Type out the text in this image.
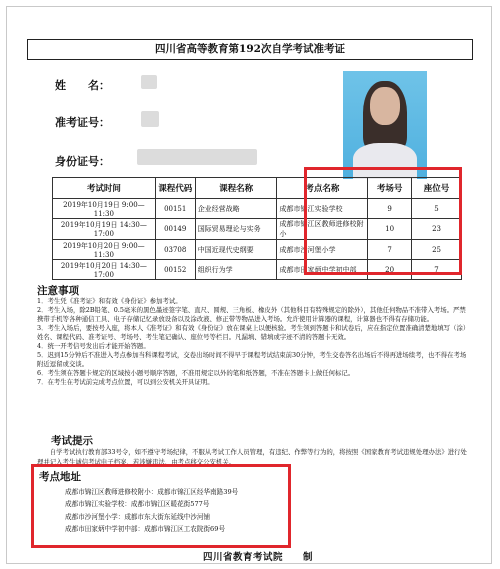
四川省高等教育第192次自学考试准考证
姓　　名：
准考证号：
身份证号：
考试时间	课程代码	课程名称	考点名称	考场号	座位号
2019年10月19日 9:00—11:30	00151	企业经营战略	成都市锦江实验学校	9	5
2019年10月19日 14:30—17:00	00149	国际贸易理论与实务	成都市锦江区教师进修校附小	10	23
2019年10月20日 9:00—11:30	03708	中国近现代史纲要	成都市沙河堡小学	7	25
2019年10月20日 14:30—17:00	00152	组织行为学	成都市田家炳中学初中部	20	7
注意事项

1．考生凭《准考证》和有效《身份证》参加考试。

2．考生入场，除2B铅笔、0.5毫米的黑色墨迹签字笔、直尺、圆规、三角板、橡皮外（其他科目有特殊规定的除外），其他任何物品不准带入考场。严禁携带手机等各种通信工具、电子存储记忆录放设备以及涂改液、修正带等物品进入考场。允许使用计算器的课程，计算器也不得有存储功能。

3．考生入场后，要按号入座，将本人《准考证》和有效《身份证》放在课桌上以便核验。考生领到答题卡和试卷后，应在指定位置准确清楚地填写（涂）姓名、课程代码、准考证号、考场号、考生笔记确认、座位号等栏目。凡漏填、错填或字迹不清的答题卡无效。

4．统一开考信号发出后才能开始答题。

5．迟到15分钟后不准进入考点参加当科课程考试，交卷出场时间不得早于课程考试结束前30分钟，考生交卷答名出场后不得再进场续考，也不得在考场附近逗留或交谈。

6．考生须在答题卡规定的区域按小题号顺序答题，不准用规定以外的笔和纸答题，不准在答题卡上做任何标记。

7．在考生在考试前完成考点位置，可以到公安机关开具证明。

考试提示
自学考试执行教育部33号令，如不遵守考场纪律，不服从考试工作人员管理，有违纪、作弊等行为的，将按照《国家教育考试违规处理办法》进行处理并记入考生诚信考试电子档案，若涉嫌违法，由考点移交公安机关。
考点地址
成都市锦江区教师进修校附小：成都市锦江区经华南路39号
成都市锦江实验学校：成都市锦江区暖花街577号
成都市沙河堡小学：成都市东大街东延线中沙河铺
成都市田家炳中学初中部：成都市锦江区工农院街69号
四川省教育考试院　　制
